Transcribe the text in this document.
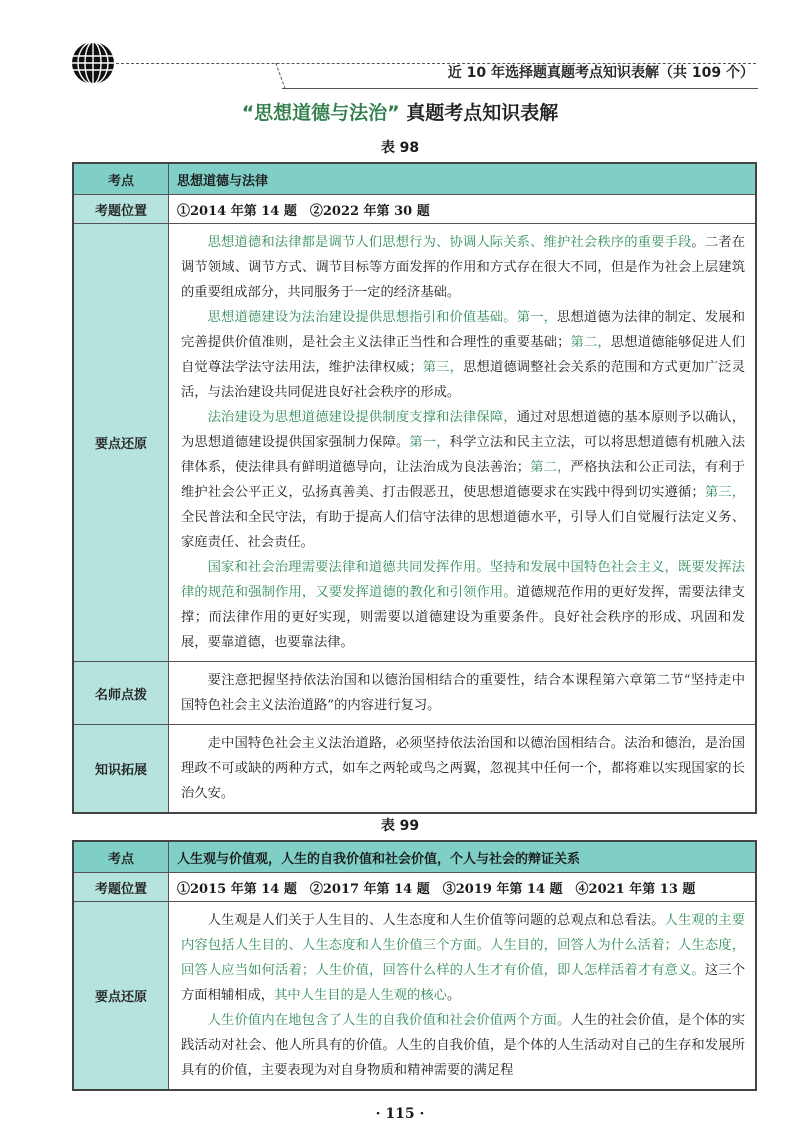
近 10 年选择题真题考点知识表解（共 109 个）
“思想道德与法治” 真题考点知识表解
表 98
考点	思想道德与法律
考题位置	①2014 年第 14 题　②2022 年第 30 题
要点还原	思想道德和法律都是调节人们思想行为、协调人际关系、维护社会秩序的重要手段。二者在调节领域、调节方式、调节目标等方面发挥的作用和方式存在很大不同，但是作为社会上层建筑的重要组成部分，共同服务于一定的经济基础。

思想道德建设为法治建设提供思想指引和价值基础。第一，思想道德为法律的制定、发展和完善提供价值准则，是社会主义法律正当性和合理性的重要基础；第二，思想道德能够促进人们自觉尊法学法守法用法，维护法律权威；第三，思想道德调整社会关系的范围和方式更加广泛灵活，与法治建设共同促进良好社会秩序的形成。

法治建设为思想道德建设提供制度支撑和法律保障，通过对思想道德的基本原则予以确认，为思想道德建设提供国家强制力保障。第一，科学立法和民主立法，可以将思想道德有机融入法律体系，使法律具有鲜明道德导向，让法治成为良法善治；第二，严格执法和公正司法，有利于维护社会公平正义，弘扬真善美、打击假恶丑，使思想道德要求在实践中得到切实遵循；第三，全民普法和全民守法，有助于提高人们信守法律的思想道德水平，引导人们自觉履行法定义务、家庭责任、社会责任。

国家和社会治理需要法律和道德共同发挥作用。坚持和发展中国特色社会主义，既要发挥法律的规范和强制作用，又要发挥道德的教化和引领作用。道德规范作用的更好发挥，需要法律支撑；而法律作用的更好实现，则需要以道德建设为重要条件。良好社会秩序的形成、巩固和发展，要靠道德，也要靠法律。

名师点拨	要注意把握坚持依法治国和以德治国相结合的重要性，结合本课程第六章第二节“坚持走中国特色社会主义法治道路”的内容进行复习。

知识拓展	走中国特色社会主义法治道路，必须坚持依法治国和以德治国相结合。法治和德治，是治国理政不可或缺的两种方式，如车之两轮或鸟之两翼，忽视其中任何一个，都将难以实现国家的长治久安。

表 99
考点	人生观与价值观，人生的自我价值和社会价值，个人与社会的辩证关系
考题位置	①2015 年第 14 题　②2017 年第 14 题　③2019 年第 14 题　④2021 年第 13 题
要点还原	人生观是人们关于人生目的、人生态度和人生价值等问题的总观点和总看法。人生观的主要内容包括人生目的、人生态度和人生价值三个方面。人生目的，回答人为什么活着；人生态度，回答人应当如何活着；人生价值，回答什么样的人生才有价值，即人怎样活着才有意义。这三个方面相辅相成，其中人生目的是人生观的核心。

人生价值内在地包含了人生的自我价值和社会价值两个方面。人生的社会价值，是个体的实践活动对社会、他人所具有的价值。人生的自我价值，是个体的人生活动对自己的生存和发展所具有的价值，主要表现为对自身物质和精神需要的满足程

· 115 ·
